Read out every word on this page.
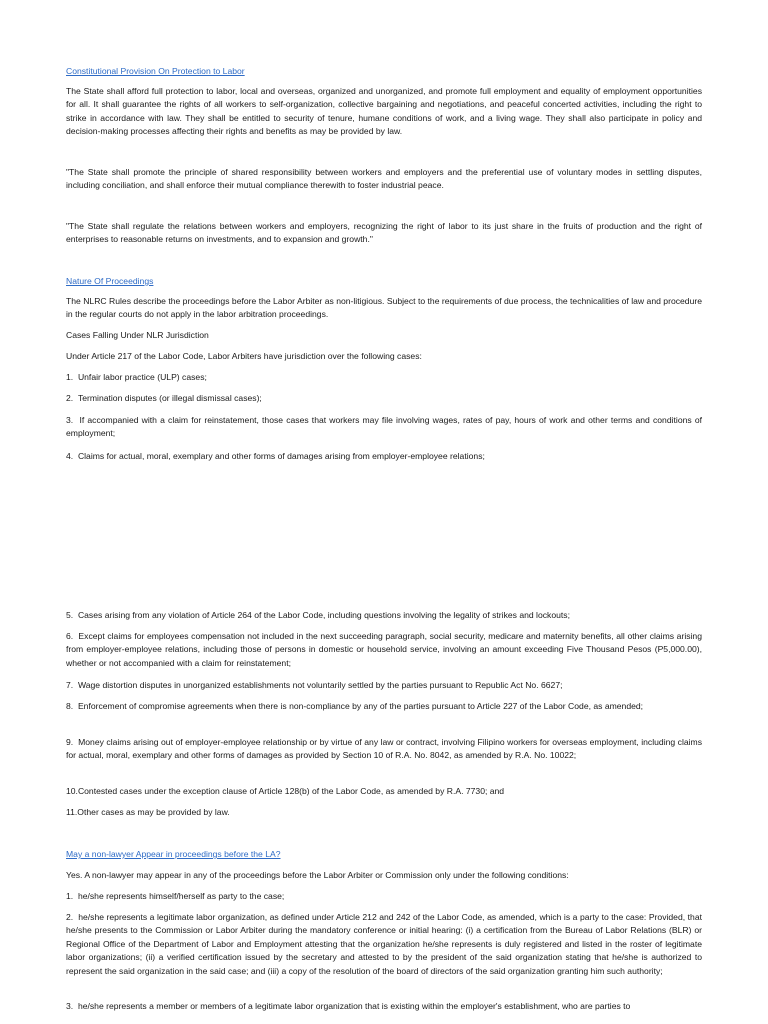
Constitutional Provision On Protection to Labor

The State shall afford full protection to labor, local and overseas, organized and unorganized, and promote full employment and equality of employment opportunities for all. It shall guarantee the rights of all workers to self-organization, collective bargaining and negotiations, and peaceful concerted activities, including the right to strike in accordance with law. They shall be entitled to security of tenure, humane conditions of work, and a living wage. They shall also participate in policy and decision-making processes affecting their rights and benefits as may be provided by law.

"The State shall promote the principle of shared responsibility between workers and employers and the preferential use of voluntary modes in settling disputes, including conciliation, and shall enforce their mutual compliance therewith to foster industrial peace.

"The State shall regulate the relations between workers and employers, recognizing the right of labor to its just share in the fruits of production and the right of enterprises to reasonable returns on investments, and to expansion and growth."

Nature Of Proceedings

The NLRC Rules describe the proceedings before the Labor Arbiter as non-litigious. Subject to the requirements of due process, the technicalities of law and procedure in the regular courts do not apply in the labor arbitration proceedings.

Cases Falling Under NLR Jurisdiction

Under Article 217 of the Labor Code, Labor Arbiters have jurisdiction over the following cases:

1.  Unfair labor practice (ULP) cases;

2.  Termination disputes (or illegal dismissal cases);

3.  If accompanied with a claim for reinstatement, those cases that workers may file involving wages, rates of pay, hours of work and other terms and conditions of employment;

4.  Claims for actual, moral, exemplary and other forms of damages arising from employer-employee relations;

5.  Cases arising from any violation of Article 264 of the Labor Code, including questions involving the legality of strikes and lockouts;

6.  Except claims for employees compensation not included in the next succeeding paragraph, social security, medicare and maternity benefits, all other claims arising from employer-employee relations, including those of persons in domestic or household service, involving an amount exceeding Five Thousand Pesos (P5,000.00), whether or not accompanied with a claim for reinstatement;

7.  Wage distortion disputes in unorganized establishments not voluntarily settled by the parties pursuant to Republic Act No. 6627;

8.  Enforcement of compromise agreements when there is non-compliance by any of the parties pursuant to Article 227 of the Labor Code, as amended;

9.  Money claims arising out of employer-employee relationship or by virtue of any law or contract, involving Filipino workers for overseas employment, including claims for actual, moral, exemplary and other forms of damages as provided by Section 10 of R.A. No. 8042, as amended by R.A. No. 10022;

10.Contested cases under the exception clause of Article 128(b) of the Labor Code, as amended by R.A. 7730; and

11.Other cases as may be provided by law.

May a non-lawyer Appear in proceedings before the LA?

Yes. A non-lawyer may appear in any of the proceedings before the Labor Arbiter or Commission only under the following conditions:

1.  he/she represents himself/herself as party to the case;

2.  he/she represents a legitimate labor organization, as defined under Article 212 and 242 of the Labor Code, as amended, which is a party to the case: Provided, that he/she presents to the Commission or Labor Arbiter during the mandatory conference or initial hearing: (i) a certification from the Bureau of Labor Relations (BLR) or Regional Office of the Department of Labor and Employment attesting that the organization he/she represents is duly registered and listed in the roster of legitimate labor organizations; (ii) a verified certification issued by the secretary and attested to by the president of the said organization stating that he/she is authorized to represent the said organization in the said case; and (iii) a copy of the resolution of the board of directors of the said organization granting him such authority;

3.  he/she represents a member or members of a legitimate labor organization that is existing within the employer's establishment, who are parties to
